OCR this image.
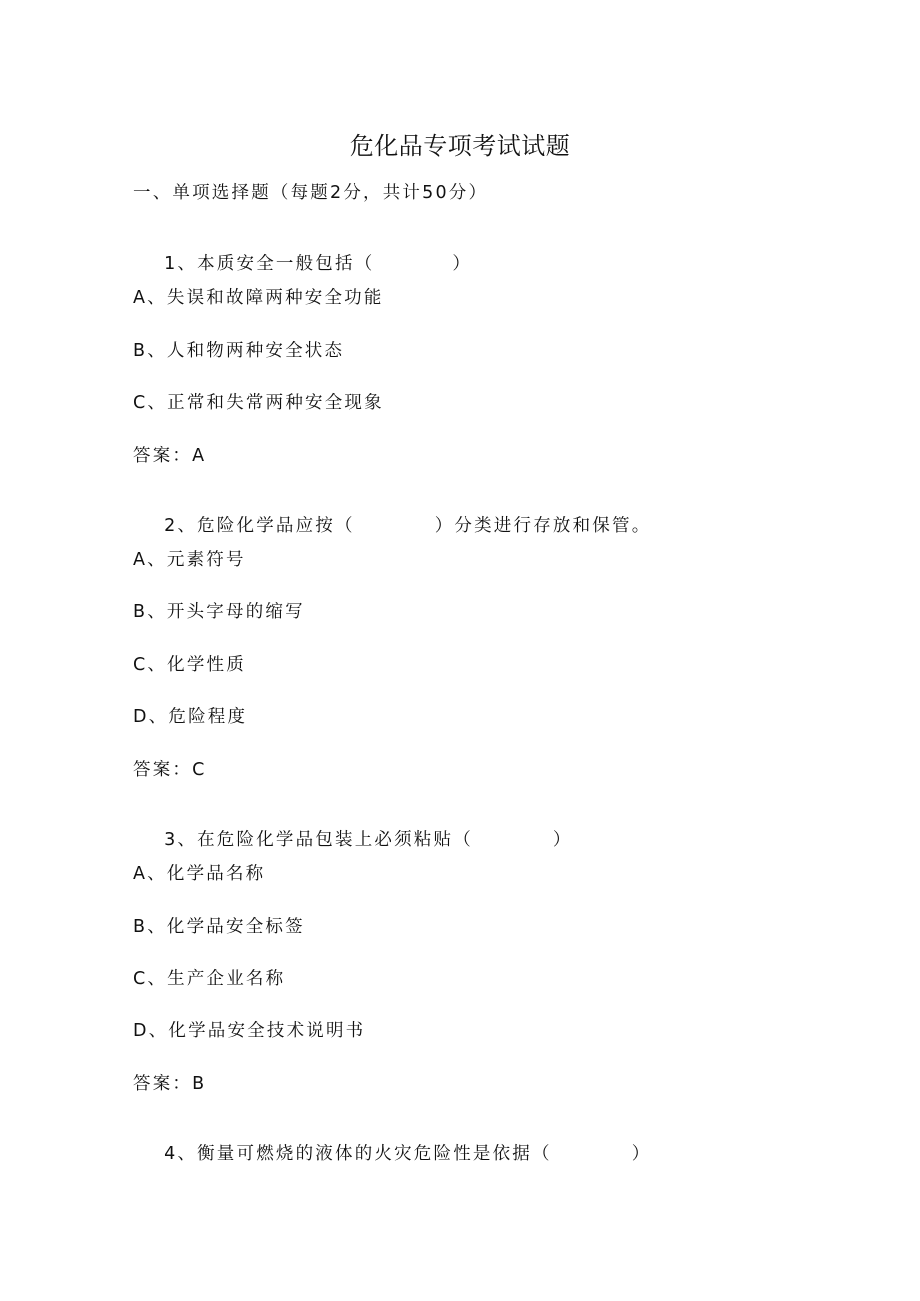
危化品专项考试试题
一、单项选择题（每题2分，共计50分）

1、本质安全一般包括（	）

A、失误和故障两种安全功能
B、人和物两种安全状态
C、正常和失常两种安全现象
答案：A

2、危险化学品应按（	）分类进行存放和保管。

A、元素符号
B、开头字母的缩写
C、化学性质
D、危险程度
答案：C

3、在危险化学品包装上必须粘贴（	）

A、化学品名称
B、化学品安全标签
C、生产企业名称
D、化学品安全技术说明书
答案：B

4、衡量可燃烧的液体的火灾危险性是依据（	）
